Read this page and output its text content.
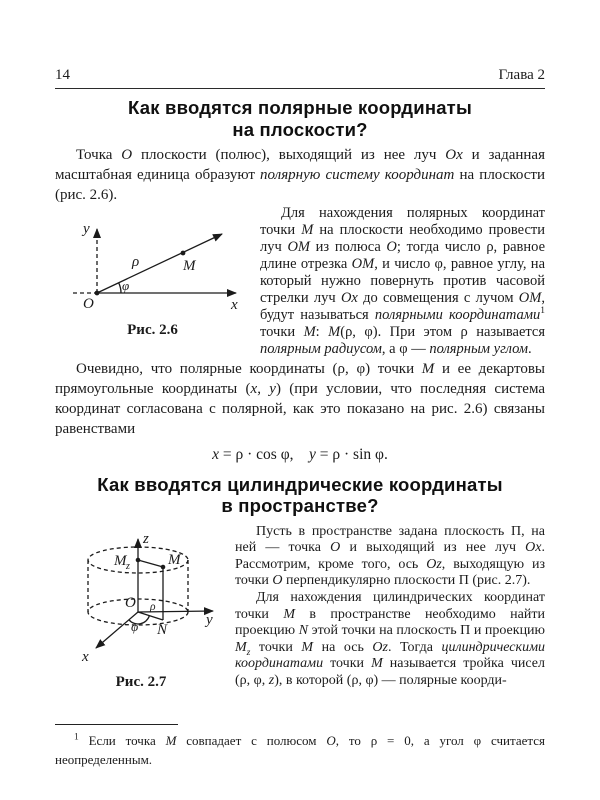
14	Глава 2
Как вводятся полярные координаты
на плоскости?

Точка O плоскости (полюс), выходящий из нее луч Ox и заданная масштабная единица образуют полярную систему координат на плоскости (рис. 2.6).

y
x
O
M
ρ
φ
Рис. 2.6

Для нахождения полярных координат точки M на плоскости необходимо провести луч OM из полюса O; тогда число ρ, равное длине отрезка OM, и число φ, равное углу, на который нужно повернуть против часовой стрелки луч Ox до совмещения с лучом OM, будут называться полярными координатами$^1$ точки M: M(ρ, φ). При этом ρ называется полярным радиусом, а φ — полярным углом.

Очевидно, что полярные координаты (ρ, φ) точки M и ее декартовы прямоугольные координаты (x, y) (при условии, что последняя система координат согласована с полярной, как это показано на рис. 2.6) связаны равенствами

x = ρ · cos φ,  y = ρ · sin φ.
Как вводятся цилиндрические координаты
в пространстве?
z
y
x
O
M
M z
N
ρ
φ
Рис. 2.7

Пусть в пространстве задана плоскость Π, на ней — точка O и выходящий из нее луч Ox. Рассмотрим, кроме того, ось Oz, выходящую из точки O перпендикулярно плоскости Π (рис. 2.7).

Для нахождения цилиндрических координат точки M в пространстве необходимо найти проекцию N этой точки на плоскость Π и проекцию $M_z$ точки M на ось Oz. Тогда цилиндрическими координатами точки M называется тройка чисел (ρ, φ, z), в которой (ρ, φ) — полярные коорди-

$^1$ Если точка M совпадает с полюсом O, то ρ = 0, а угол φ считается неопределенным.
